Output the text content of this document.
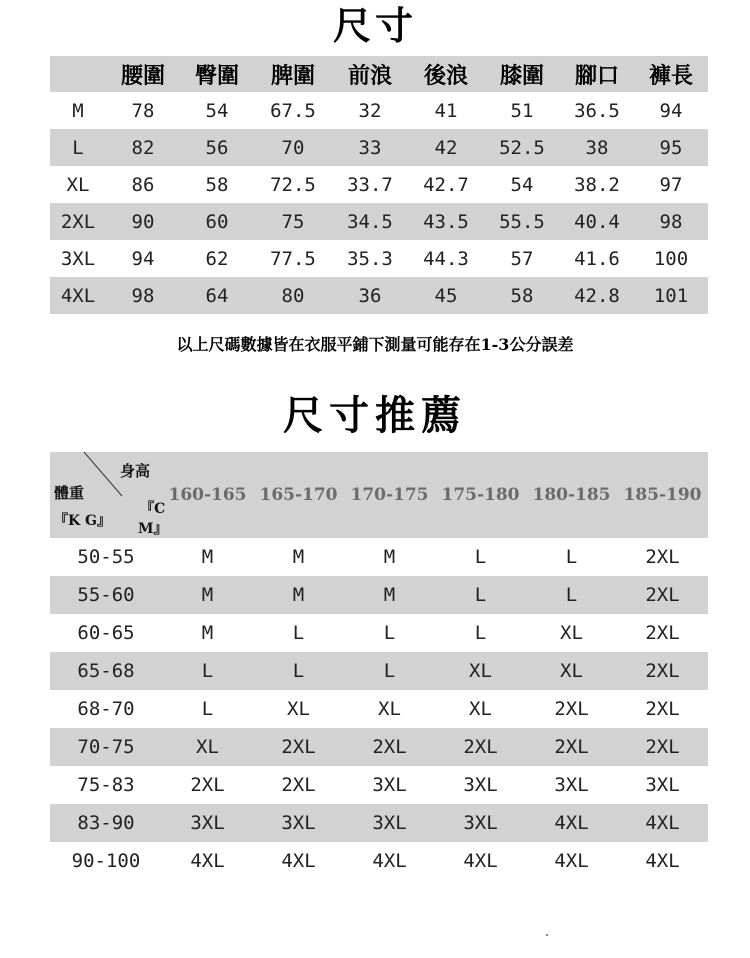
尺寸
	腰圍	臀圍	脾圍	前浪	後浪	膝圍	腳口	褲長
M	78	54	67.5	32	41	51	36.5	94
L	82	56	70	33	42	52.5	38	95
XL	86	58	72.5	33.7	42.7	54	38.2	97
2XL	90	60	75	34.5	43.5	55.5	40.4	98
3XL	94	62	77.5	35.3	44.3	57	41.6	100
4XL	98	64	80	36	45	58	42.8	101
以上尺碼數據皆在衣服平鋪下測量可能存在1-3公分誤差
尺寸推薦
體重
身高
『K G』
『C M』	160-165	165-170	170-175	175-180	180-185	185-190
50-55	M	M	M	L	L	2XL
55-60	M	M	M	L	L	2XL
60-65	M	L	L	L	XL	2XL
65-68	L	L	L	XL	XL	2XL
68-70	L	XL	XL	XL	2XL	2XL
70-75	XL	2XL	2XL	2XL	2XL	2XL
75-83	2XL	2XL	3XL	3XL	3XL	3XL
83-90	3XL	3XL	3XL	3XL	4XL	4XL
90-100	4XL	4XL	4XL	4XL	4XL	4XL
